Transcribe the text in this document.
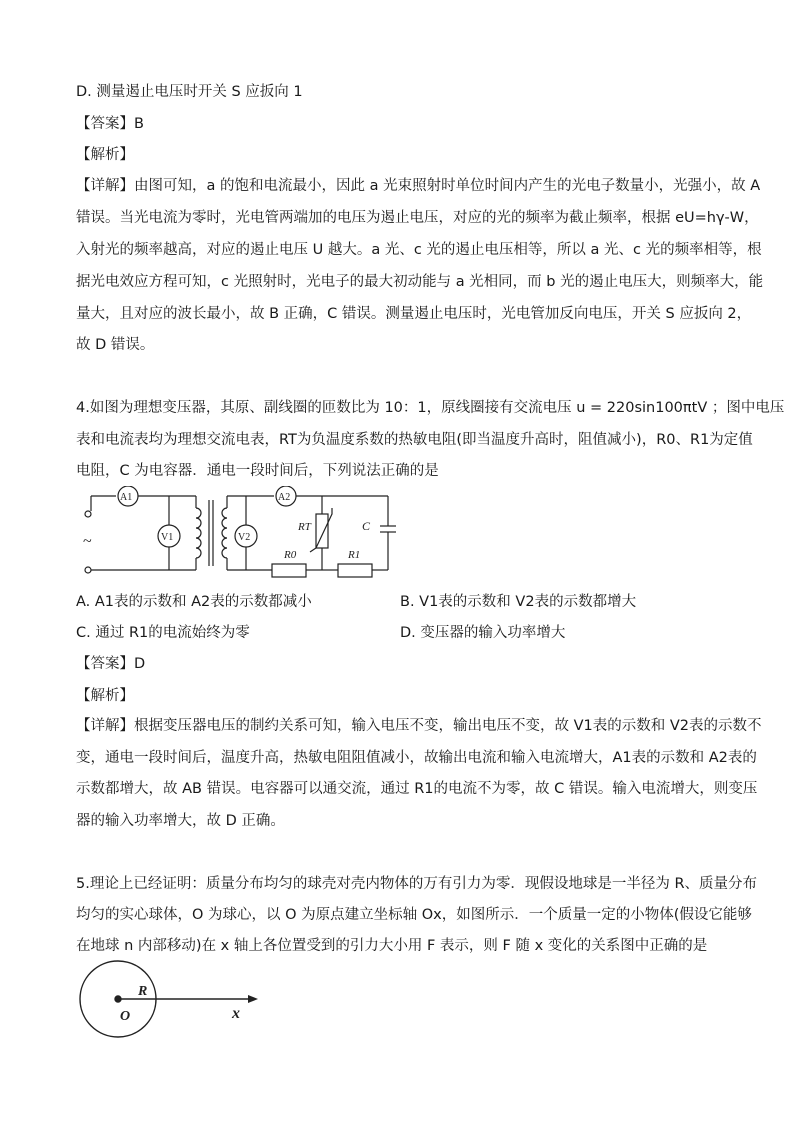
D. 测量遏止电压时开关 S 应扳向 1
【答案】B
【解析】
【详解】由图可知，a 的饱和电流最小，因此 a 光束照射时单位时间内产生的光电子数量小，光强小，故 A
错误。当光电流为零时，光电管两端加的电压为遏止电压，对应的光的频率为截止频率，根据 eU=hγ-W，
入射光的频率越高，对应的遏止电压 U 越大。a 光、c 光的遏止电压相等，所以 a 光、c 光的频率相等，根
据光电效应方程可知，c 光照射时，光电子的最大初动能与 a 光相同，而 b 光的遏止电压大，则频率大，能
量大，且对应的波长最小，故 B 正确，C 错误。测量遏止电压时，光电管加反向电压，开关 S 应扳向 2，
故 D 错误。
4.如图为理想变压器，其原、副线圈的匝数比为 10：1，原线圈接有交流电压 u = 220sin100πtV ；图中电压
表和电流表均为理想交流电表，RT为负温度系数的热敏电阻(即当温度升高时，阻值减小)，R0、R1为定值
电阻，C 为电容器．通电一段时间后，下列说法正确的是
~
A1
V1
A2
V2
R0
RT
R1
C
A. A1表的示数和 A2表的示数都减小	B. V1表的示数和 V2表的示数都增大
C. 通过 R1的电流始终为零	D. 变压器的输入功率增大
【答案】D
【解析】
【详解】根据变压器电压的制约关系可知，输入电压不变，输出电压不变，故 V1表的示数和 V2表的示数不
变，通电一段时间后，温度升高，热敏电阻阻值减小，故输出电流和输入电流增大，A1表的示数和 A2表的
示数都增大，故 AB 错误。电容器可以通交流，通过 R1的电流不为零，故 C 错误。输入电流增大，则变压
器的输入功率增大，故 D 正确。
5.理论上已经证明：质量分布均匀的球壳对壳内物体的万有引力为零．现假设地球是一半径为 R、质量分布
均匀的实心球体，O 为球心，以 O 为原点建立坐标轴 Ox，如图所示．一个质量一定的小物体(假设它能够
在地球 n 内部移动)在 x 轴上各位置受到的引力大小用 F 表示，则 F 随 x 变化的关系图中正确的是
R
O	x
